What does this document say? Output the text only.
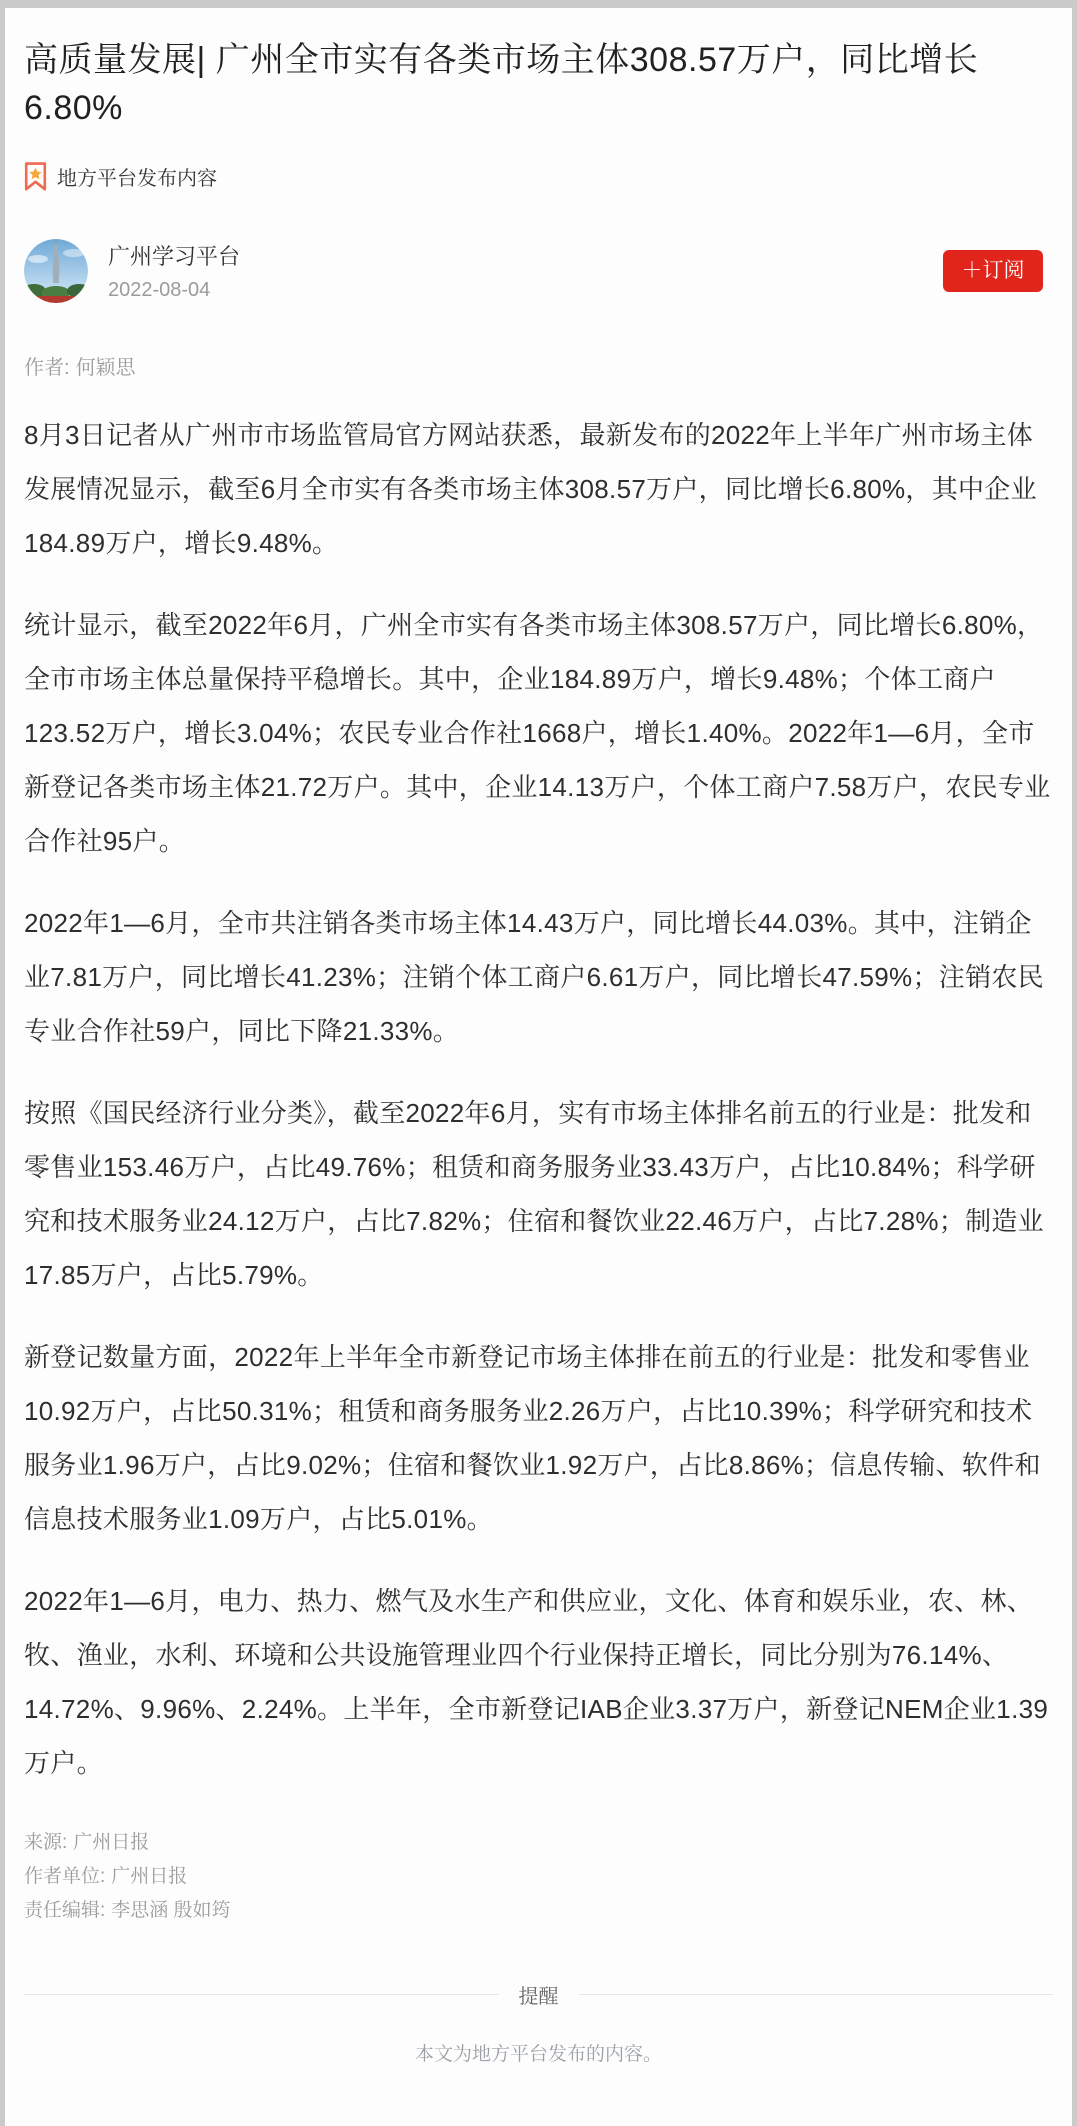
高质量发展| 广州全市实有各类市场主体308.57万户，同比增长6.80%
地方平台发布内容
广州学习平台
2022-08-04
＋订阅
作者: 何颖思

8月3日记者从广州市市场监管局官方网站获悉，最新发布的2022年上半年广州市场主体发展情况显示，截至6月全市实有各类市场主体308.57万户，同比增长6.80%，其中企业184.89万户，增长9.48%。

统计显示，截至2022年6月，广州全市实有各类市场主体308.57万户，同比增长6.80%，全市市场主体总量保持平稳增长。其中，企业184.89万户，增长9.48%；个体工商户123.52万户，增长3.04%；农民专业合作社1668户，增长1.40%。2022年1—6月，全市新登记各类市场主体21.72万户。其中，企业14.13万户，个体工商户7.58万户，农民专业合作社95户。

2022年1—6月，全市共注销各类市场主体14.43万户，同比增长44.03%。其中，注销企业7.81万户，同比增长41.23%；注销个体工商户6.61万户，同比增长47.59%；注销农民专业合作社59户，同比下降21.33%。

按照《国民经济行业分类》，截至2022年6月，实有市场主体排名前五的行业是：批发和零售业153.46万户，占比49.76%；租赁和商务服务业33.43万户，占比10.84%；科学研究和技术服务业24.12万户，占比7.82%；住宿和餐饮业22.46万户，占比7.28%；制造业17.85万户，占比5.79%。

新登记数量方面，2022年上半年全市新登记市场主体排在前五的行业是：批发和零售业10.92万户，占比50.31%；租赁和商务服务业2.26万户，占比10.39%；科学研究和技术服务业1.96万户，占比9.02%；住宿和餐饮业1.92万户，占比8.86%；信息传输、软件和信息技术服务业1.09万户，占比5.01%。

2022年1—6月，电力、热力、燃气及水生产和供应业，文化、体育和娱乐业，农、林、牧、渔业，水利、环境和公共设施管理业四个行业保持正增长，同比分别为76.14%、14.72%、9.96%、2.24%。上半年，全市新登记IAB企业3.37万户，新登记NEM企业1.39万户。

来源: 广州日报
作者单位: 广州日报
责任编辑: 李思涵 殷如筠
提醒
本文为地方平台发布的内容。
